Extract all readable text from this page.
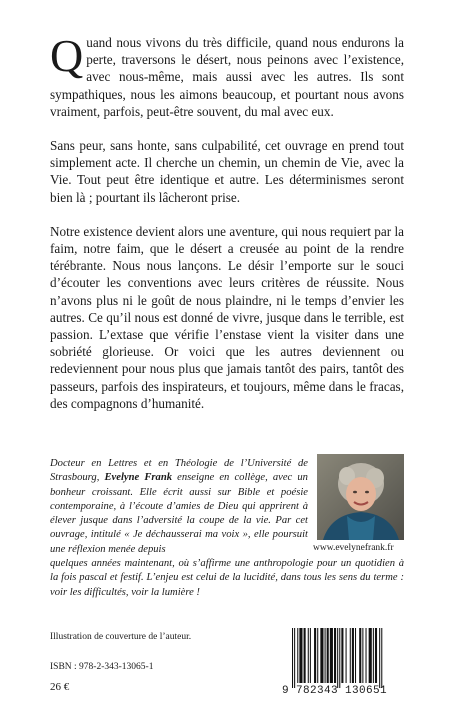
Quand nous vivons du très difficile, quand nous endurons la perte, traversons le désert, nous peinons avec l’existence, avec nous-même, mais aussi avec les autres. Ils sont sympathiques, nous les aimons beaucoup, et pourtant nous avons vraiment, parfois, peut-être souvent, du mal avec eux.

Sans peur, sans honte, sans culpabilité, cet ouvrage en prend tout simplement acte. Il cherche un chemin, un chemin de Vie, avec la Vie. Tout peut être identique et autre. Les déterminismes seront bien là ; pourtant ils lâcheront prise.

Notre existence devient alors une aventure, qui nous requiert par la faim, notre faim, que le désert a creusée au point de la rendre térébrante. Nous nous lançons. Le désir l’emporte sur le souci d’écouter les conventions avec leurs critères de réussite. Nous n’avons plus ni le goût de nous plaindre, ni le temps d’envier les autres. Ce qu’il nous est donné de vivre, jusque dans le terrible, est passion. L’extase que vérifie l’enstase vient la visiter dans une sobriété glorieuse. Or voici que les autres deviennent ou redeviennent pour nous plus que jamais tantôt des pairs, tantôt des passeurs, parfois des inspirateurs, et toujours, même dans le fracas, des compagnons d’humanité.

Docteur en Lettres et en Théologie de l’Université de Strasbourg, Evelyne Frank enseigne en collège, avec un bonheur croissant. Elle écrit aussi sur Bible et poésie contemporaine, à l’écoute d’amies de Dieu qui apprirent à élever jusque dans l’adversité la coupe de la vie. Par cet ouvrage, intitulé « Je déchausserai ma voix », elle poursuit une réflexion menée depuis
quelques années maintenant, où s’affirme une anthropologie pour un quotidien à la fois pascal et festif. L’enjeu est celui de la lucidité, dans tous les sens du terme : voir les difficultés, voir la lumière !
www.evelynefrank.fr
Illustration de couverture de l’auteur.
ISBN : 978-2-343-13065-1
26 €	9 782343 130651
